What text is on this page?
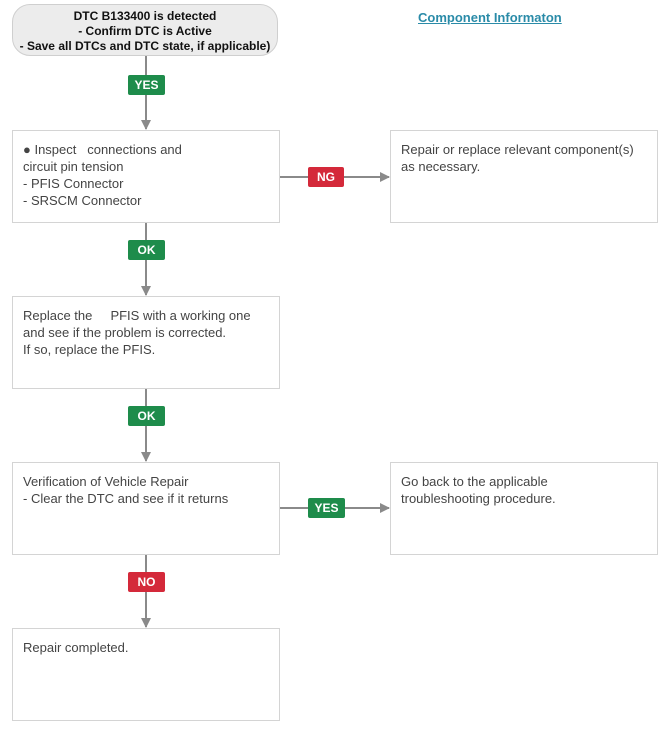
DTC B133400 is detected
- Confirm DTC is Active
- Save all DTCs and DTC state, if applicable)
Component Informaton
● Inspect   connections and
circuit pin tension
- PFIS Connector
- SRSCM Connector
Repair or replace relevant component(s)
as necessary.
Replace the     PFIS with a working one
and see if the problem is corrected.
If so, replace the PFIS.
Verification of Vehicle Repair
- Clear the DTC and see if it returns
Go back to the applicable
troubleshooting procedure.
Repair completed.
YES
NG
OK
OK
YES
NO
